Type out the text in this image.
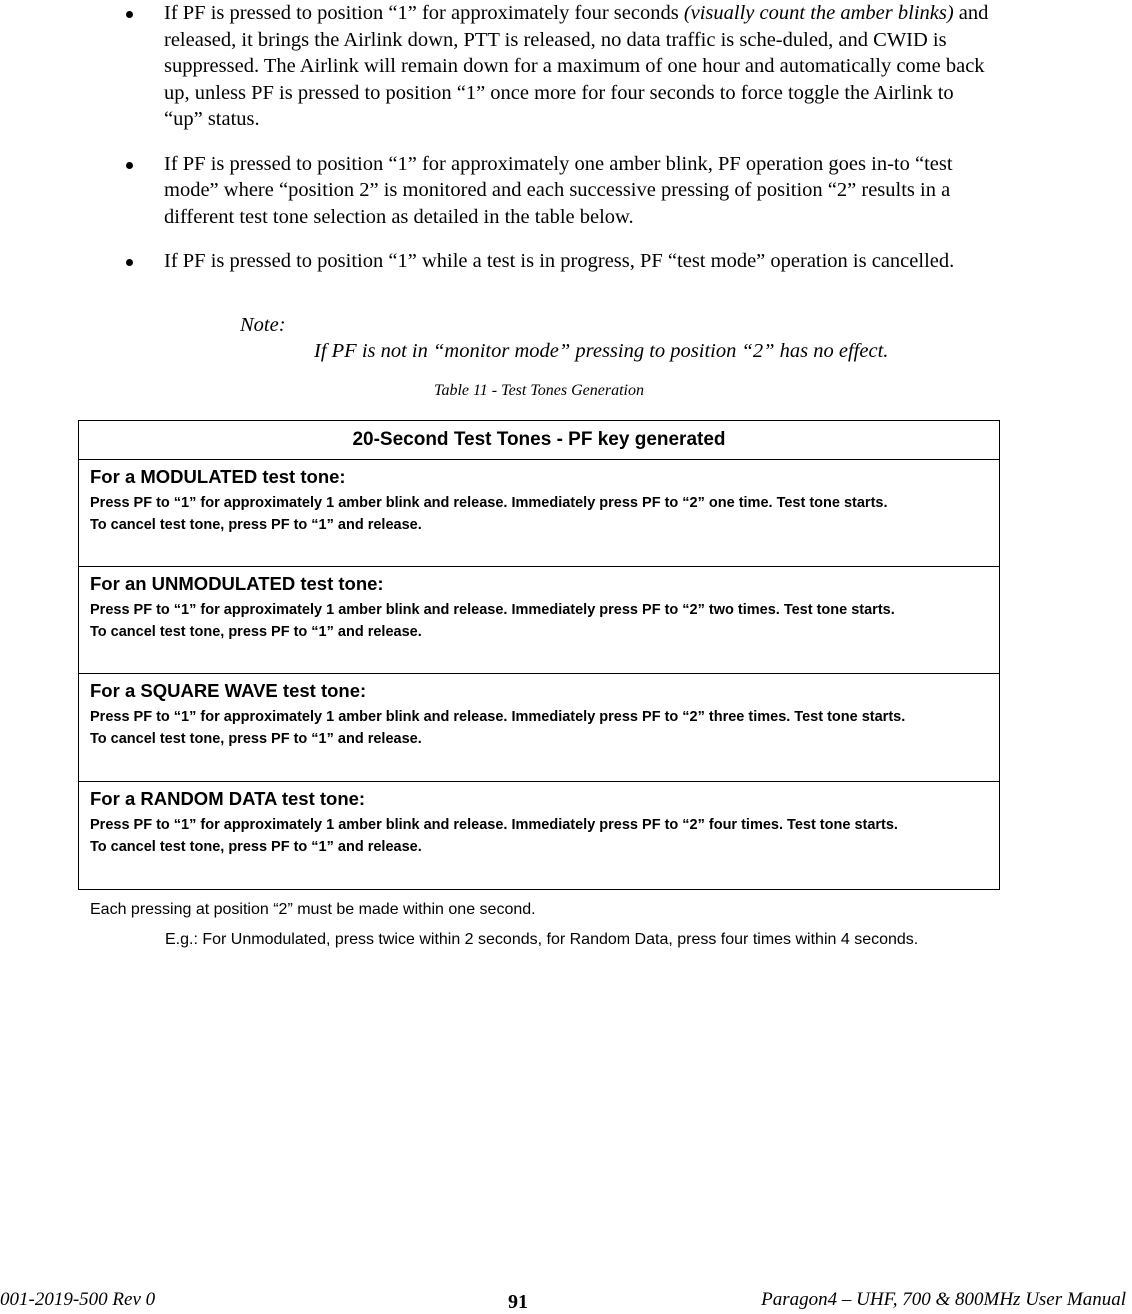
If PF is pressed to position “1” for approximately four seconds (visually count the amber blinks) and released, it brings the Airlink down, PTT is released, no data traffic is sche-duled, and CWID is suppressed. The Airlink will remain down for a maximum of one hour and automatically come back up, unless PF is pressed to position “1” once more for four seconds to force toggle the Airlink to “up” status.
If PF is pressed to position “1” for approximately one amber blink, PF operation goes in-to “test mode” where “position 2” is monitored and each successive pressing of position “2” results in a different test tone selection as detailed in the table below.
If PF is pressed to position “1” while a test is in progress, PF “test mode” operation is cancelled.
Note:
If PF is not in “monitor mode” pressing to position “2” has no effect.
Table 11 - Test Tones Generation
20-Second Test Tones - PF key generated
For a MODULATED test tone:
Press PF to “1” for approximately 1 amber blink and release. Immediately press PF to “2” one time. Test tone starts.
To cancel test tone, press PF to “1” and release.
For an UNMODULATED test tone:
Press PF to “1” for approximately 1 amber blink and release. Immediately press PF to “2” two times. Test tone starts.
To cancel test tone, press PF to “1” and release.
For a SQUARE WAVE test tone:
Press PF to “1” for approximately 1 amber blink and release. Immediately press PF to “2” three times. Test tone starts.
To cancel test tone, press PF to “1” and release.
For a RANDOM DATA test tone:
Press PF to “1” for approximately 1 amber blink and release. Immediately press PF to “2” four times. Test tone starts.
To cancel test tone, press PF to “1” and release.
Each pressing at position “2” must be made within one second.
E.g.: For Unmodulated, press twice within 2 seconds, for Random Data, press four times within 4 seconds.
001-2019-500 Rev 0	91	Paragon4 – UHF, 700 & 800MHz User Manual
